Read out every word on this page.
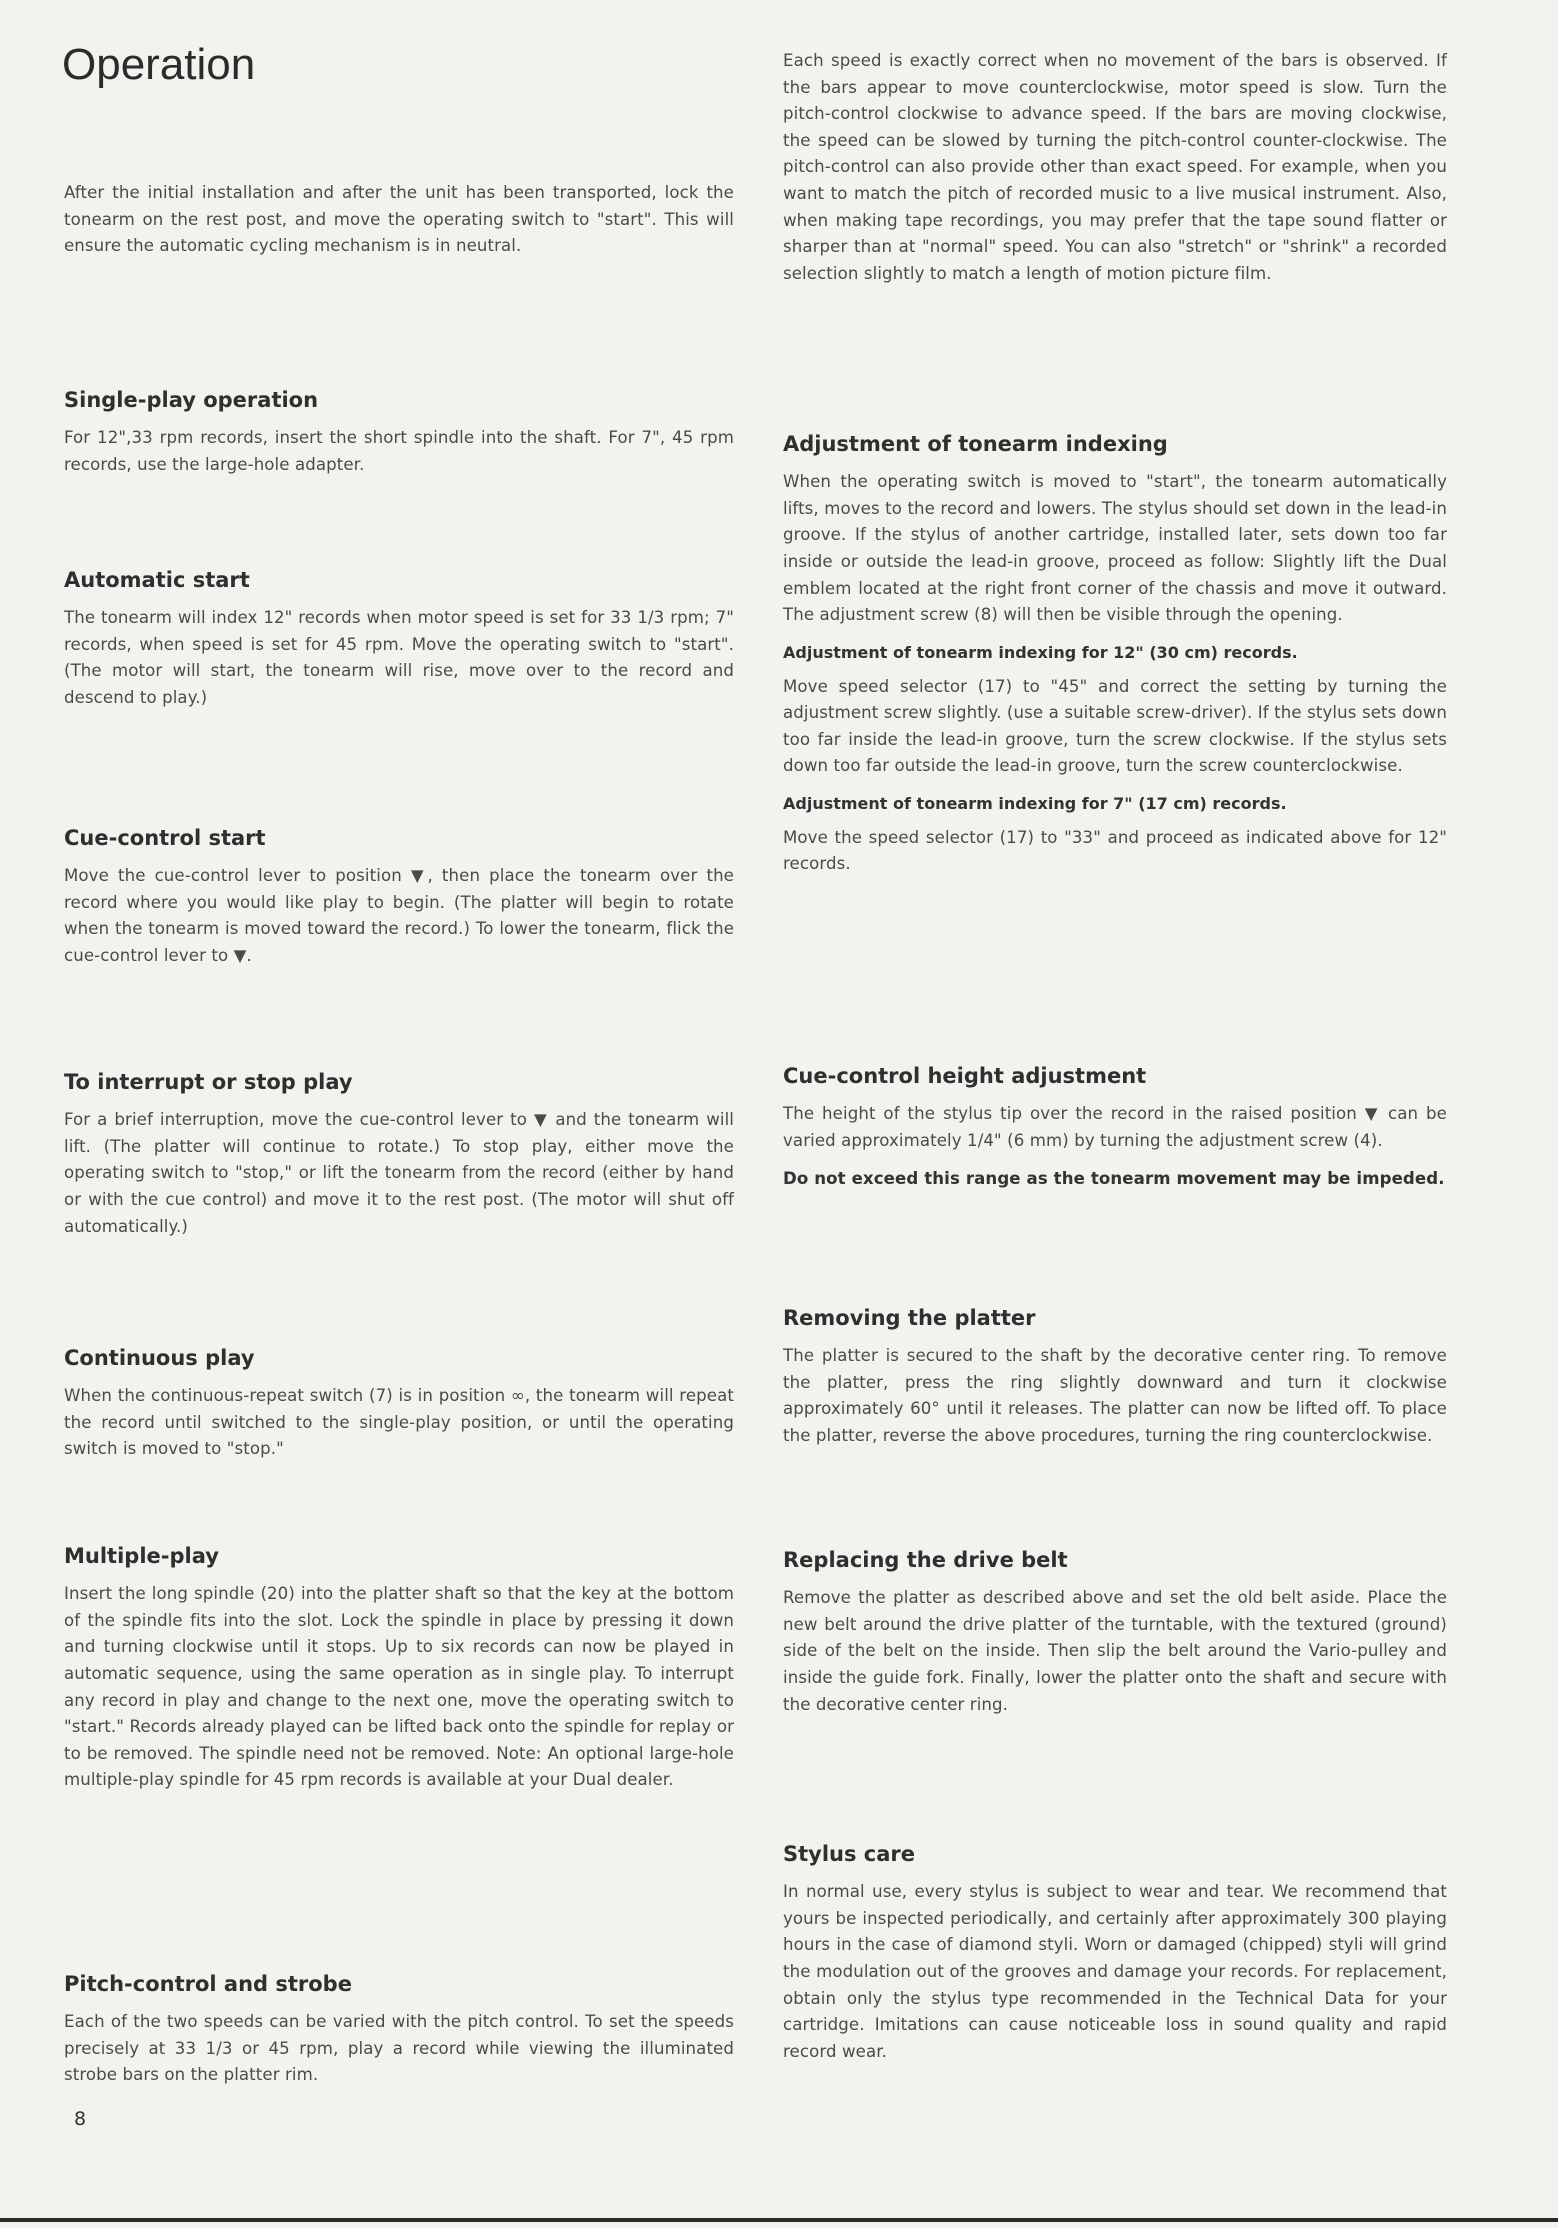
Operation

After the initial installation and after the unit has been transported, lock the tonearm on the rest post, and move the operating switch to "start". This will ensure the automatic cycling mechanism is in neutral.

Single-play operation

For 12",33 rpm records, insert the short spindle into the shaft. For 7", 45 rpm records, use the large-hole adapter.

Automatic start

The tonearm will index 12" records when motor speed is set for 33 1/3 rpm; 7" records, when speed is set for 45 rpm. Move the operating switch to "start". (The motor will start, the tonearm will rise, move over to the record and descend to play.)

Cue-control start

Move the cue-control lever to position ▼, then place the tonearm over the record where you would like play to begin. (The platter will begin to rotate when the tonearm is moved toward the record.) To lower the tonearm, flick the cue-control lever to ▼.

To interrupt or stop play

For a brief interruption, move the cue-control lever to ▼ and the tonearm will lift. (The platter will continue to rotate.) To stop play, either move the operating switch to "stop," or lift the tonearm from the record (either by hand or with the cue control) and move it to the rest post. (The motor will shut off automatically.)

Continuous play

When the continuous-repeat switch (7) is in position ∞, the tonearm will repeat the record until switched to the single-play position, or until the operating switch is moved to "stop."

Multiple-play

Insert the long spindle (20) into the platter shaft so that the key at the bottom of the spindle fits into the slot. Lock the spindle in place by pressing it down and turning clockwise until it stops. Up to six records can now be played in automatic sequence, using the same operation as in single play. To interrupt any record in play and change to the next one, move the operating switch to "start." Records already played can be lifted back onto the spindle for replay or to be removed. The spindle need not be removed. Note: An optional large-hole multiple-play spindle for 45 rpm records is available at your Dual dealer.

Pitch-control and strobe

Each of the two speeds can be varied with the pitch control. To set the speeds precisely at 33 1/3 or 45 rpm, play a record while viewing the illuminated strobe bars on the platter rim.

Each speed is exactly correct when no movement of the bars is observed. If the bars appear to move counterclockwise, motor speed is slow. Turn the pitch-control clockwise to advance speed. If the bars are moving clockwise, the speed can be slowed by turning the pitch-control counter-clockwise. The pitch-control can also provide other than exact speed. For example, when you want to match the pitch of recorded music to a live musical instrument. Also, when making tape recordings, you may prefer that the tape sound flatter or sharper than at "normal" speed. You can also "stretch" or "shrink" a recorded selection slightly to match a length of motion picture film.

Adjustment of tonearm indexing

When the operating switch is moved to "start", the tonearm automatically lifts, moves to the record and lowers. The stylus should set down in the lead-in groove. If the stylus of another cartridge, installed later, sets down too far inside or outside the lead-in groove, proceed as follow: Slightly lift the Dual emblem located at the right front corner of the chassis and move it outward. The adjustment screw (8) will then be visible through the opening.

Adjustment of tonearm indexing for 12" (30 cm) records.

Move speed selector (17) to "45" and correct the setting by turning the adjustment screw slightly. (use a suitable screw-driver). If the stylus sets down too far inside the lead-in groove, turn the screw clockwise. If the stylus sets down too far outside the lead-in groove, turn the screw counterclockwise.

Adjustment of tonearm indexing for 7" (17 cm) records.

Move the speed selector (17) to "33" and proceed as indicated above for 12" records.

Cue-control height adjustment

The height of the stylus tip over the record in the raised position ▼ can be varied approximately 1/4" (6 mm) by turning the adjustment screw (4).

Do not exceed this range as the tonearm movement may be impeded.

Removing the platter

The platter is secured to the shaft by the decorative center ring. To remove the platter, press the ring slightly downward and turn it clockwise approximately 60° until it releases. The platter can now be lifted off. To place the platter, reverse the above procedures, turning the ring counterclockwise.

Replacing the drive belt

Remove the platter as described above and set the old belt aside. Place the new belt around the drive platter of the turntable, with the textured (ground) side of the belt on the inside. Then slip the belt around the Vario-pulley and inside the guide fork. Finally, lower the platter onto the shaft and secure with the decorative center ring.

Stylus care

In normal use, every stylus is subject to wear and tear. We recommend that yours be inspected periodically, and certainly after approximately 300 playing hours in the case of diamond styli. Worn or damaged (chipped) styli will grind the modulation out of the grooves and damage your records. For replacement, obtain only the stylus type recommended in the Technical Data for your cartridge. Imitations can cause noticeable loss in sound quality and rapid record wear.

8
